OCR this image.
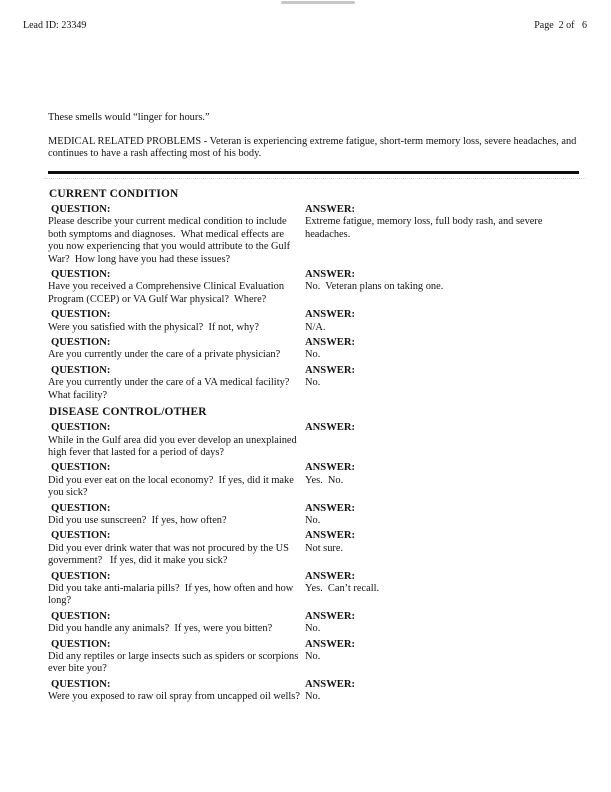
Lead ID: 23349	Page  2 of   6
These smells would “linger for hours.”
MEDICAL RELATED PROBLEMS - Veteran is experiencing extreme fatigue, short-term memory loss, severe headaches, and continues to have a rash affecting most of his body.
CURRENT CONDITION
QUESTION:
Please describe your current medical condition to include both symptoms and diagnoses.  What medical effects are you now experiencing that you would attribute to the Gulf War?  How long have you had these issues?
ANSWER:
Extreme fatigue, memory loss, full body rash, and severe headaches.
QUESTION:
Have you received a Comprehensive Clinical Evaluation Program (CCEP) or VA Gulf War physical?  Where?
ANSWER:
No.  Veteran plans on taking one.
QUESTION:
Were you satisfied with the physical?  If not, why?
ANSWER:
N/A.
QUESTION:
Are you currently under the care of a private physician?
ANSWER:
No.
QUESTION:
Are you currently under the care of a VA medical facility?  What facility?
ANSWER:
No.
DISEASE CONTROL/OTHER
QUESTION:
While in the Gulf area did you ever develop an unexplained high fever that lasted for a period of days?
ANSWER:
QUESTION:
Did you ever eat on the local economy?  If yes, did it make you sick?
ANSWER:
Yes.  No.
QUESTION:
Did you use sunscreen?  If yes, how often?
ANSWER:
No.
QUESTION:
Did you ever drink water that was not procured by the US government?   If yes, did it make you sick?
ANSWER:
Not sure.
QUESTION:
Did you take anti-malaria pills?  If yes, how often and how long?
ANSWER:
Yes.  Can’t recall.
QUESTION:
Did you handle any animals?  If yes, were you bitten?
ANSWER:
No.
QUESTION:
Did any reptiles or large insects such as spiders or scorpions ever bite you?
ANSWER:
No.
QUESTION:
Were you exposed to raw oil spray from uncapped oil wells?
ANSWER:
No.
